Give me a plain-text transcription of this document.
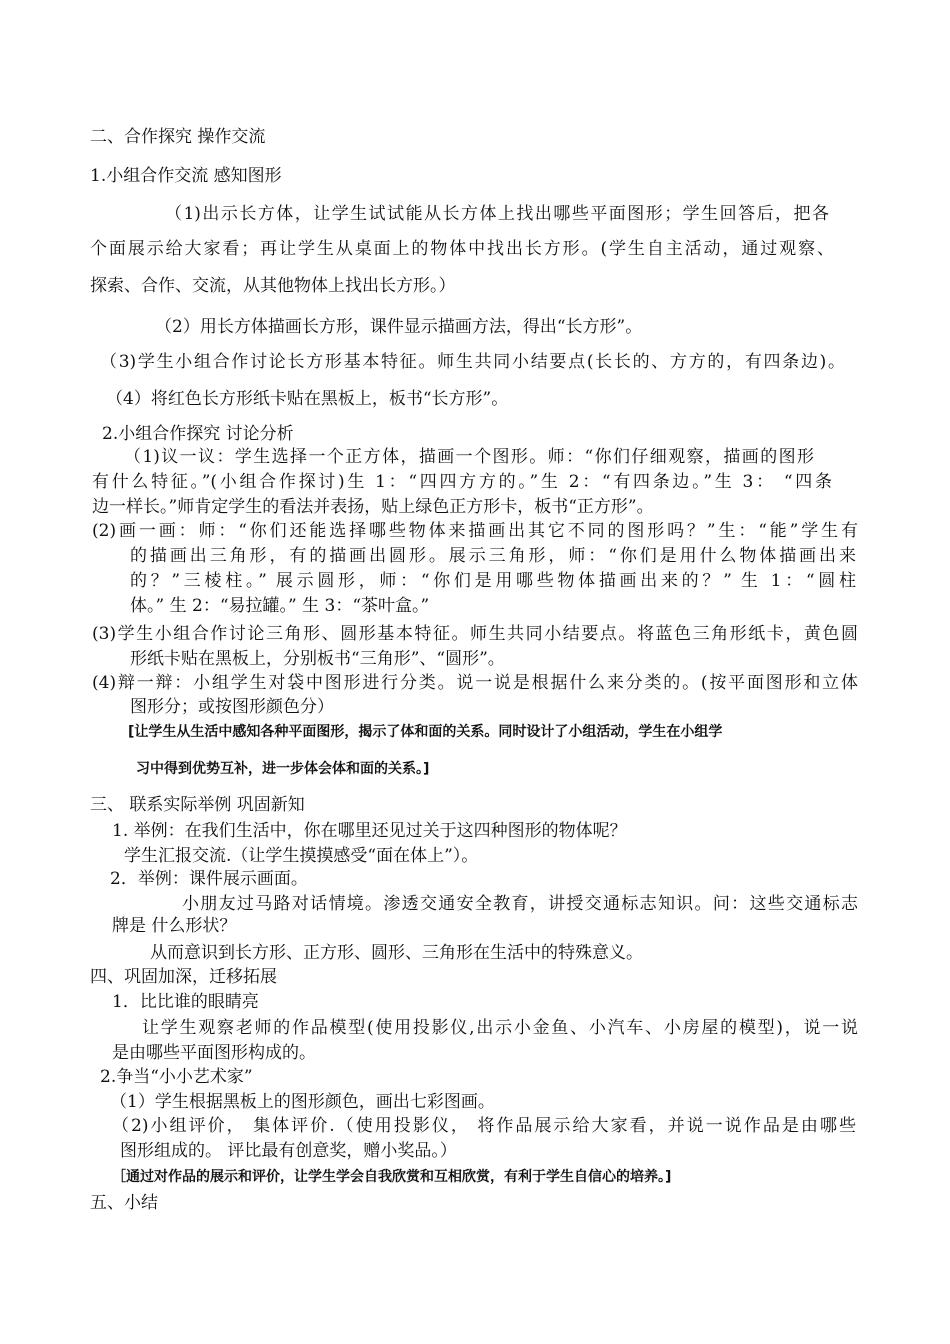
二、合作探究 操作交流
1.小组合作交流 感知图形
（1)出示长方体，让学生试试能从长方体上找出哪些平面图形；学生回答后，把各
个面展示给大家看；再让学生从桌面上的物体中找出长方形。(学生自主活动，通过观察、
探索、合作、交流，从其他物体上找出长方形。）
（2）用长方体描画长方形，课件显示描画方法，得出“长方形”。
（3)学生小组合作讨论长方形基本特征。师生共同小结要点(长长的、方方的，有四条边)。
（4）将红色长方形纸卡贴在黑板上，板书“长方形”。
2.小组合作探究 讨论分析
（1)议一议：学生选择一个正方体，描画一个图形。师：“你们仔细观察，描画的图形
有什么特征。”(小组合作探讨)生 1：“四四方方的。”生 2：“有四条边。”生 3： “四条
边一样长。”师肯定学生的看法并表扬，贴上绿色正方形卡，板书“正方形”。
(2)画一画：师：“你们还能选择哪些物体来描画出其它不同的图形吗？”生：“能”学生有
的描画出三角形，有的描画出圆形。展示三角形，师：“你们是用什么物体描画出来
的？”三棱柱。” 展示圆形，师：“你们是用哪些物体描画出来的？” 生 1：“圆柱
体。” 生 2：“易拉罐。” 生 3：“茶叶盒。”
(3)学生小组合作讨论三角形、圆形基本特征。师生共同小结要点。将蓝色三角形纸卡，黄色圆
形纸卡贴在黑板上，分别板书“三角形”、“圆形”。
(4)辩一辩：小组学生对袋中图形进行分类。说一说是根据什么来分类的。(按平面图形和立体
图形分；或按图形颜色分）
[让学生从生活中感知各种平面图形，揭示了体和面的关系。同时设计了小组活动，学生在小组学
习中得到优势互补，进一步体会体和面的关系。]
三、 联系实际举例 巩固新知
1. 举例：在我们生活中，你在哪里还见过关于这四种图形的物体呢？
学生汇报交流.（让学生摸摸感受“面在体上”）。
2．举例：课件展示画面。
小朋友过马路对话情境。渗透交通安全教育，讲授交通标志知识。问：这些交通标志
牌是 什么形状？
从而意识到长方形、正方形、圆形、三角形在生活中的特殊意义。
四、巩固加深，迁移拓展
1．比比谁的眼睛亮
让学生观察老师的作品模型(使用投影仪,出示小金鱼、小汽车、小房屋的模型)，说一说
是由哪些平面图形构成的。
2.争当“小小艺术家”
（1）学生根据黑板上的图形颜色，画出七彩图画。
（2)小组评价， 集体评价.（使用投影仪， 将作品展示给大家看，并说一说作品是由哪些
图形组成的。 评比最有创意奖，赠小奖品。）
［通过对作品的展示和评价，让学生学会自我欣赏和互相欣赏，有利于学生自信心的培养。]
五、小结
